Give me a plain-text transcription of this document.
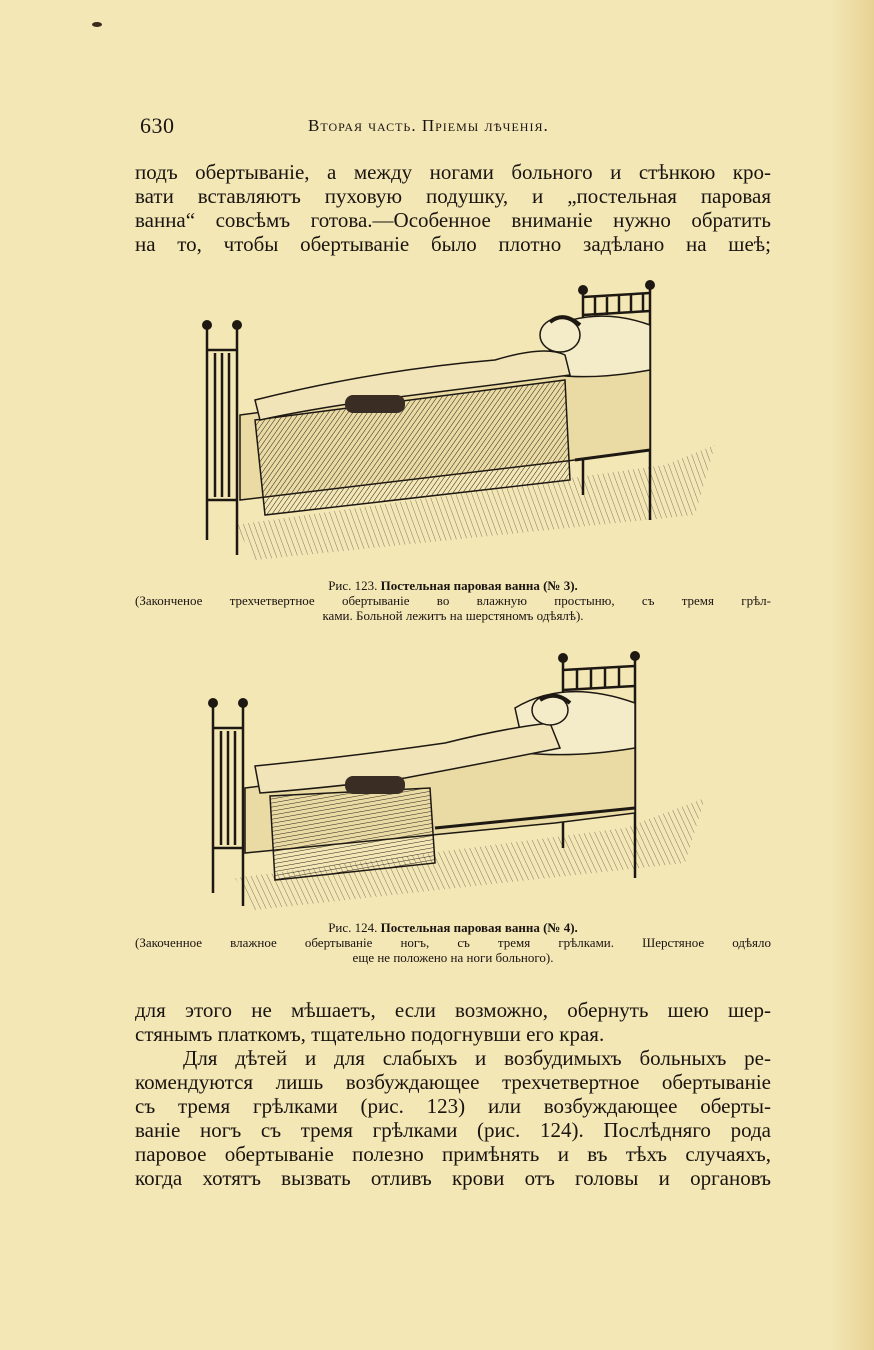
630	Вторая часть. Пріемы лѣченія.

подъ обертываніе, а между ногами больного и стѣнкою кро-
вати вставляютъ пуховую подушку, и „постельная паровая
ванна“ совсѣмъ готова.—Особенное вниманіе нужно обратить
на то, чтобы обертываніе было плотно задѣлано на шеѣ;

Рис. 123. Постельная паровая ванна (№ 3).
(Законченое трехчетвертное обертываніе во влажную простыню, съ тремя грѣл-
ками. Больной лежитъ на шерстяномъ одѣялѣ).
Рис. 124. Постельная паровая ванна (№ 4).
(Закоченное влажное обертываніе ногъ, съ тремя грѣлками. Шерстяное одѣяло
еще не положено на ноги больного).

для этого не мѣшаетъ, если возможно, обернуть шею шер-
стянымъ платкомъ, тщательно подогнувши его края.

Для дѣтей и для слабыхъ и возбудимыхъ больныхъ ре-
комендуются лишь возбуждающее трехчетвертное обертываніе
съ тремя грѣлками (рис. 123) или возбуждающее оберты-
ваніе ногъ съ тремя грѣлками (рис. 124). Послѣдняго рода
паровое обертываніе полезно примѣнять и въ тѣхъ случаяхъ,
когда хотятъ вызвать отливъ крови отъ головы и органовъ
